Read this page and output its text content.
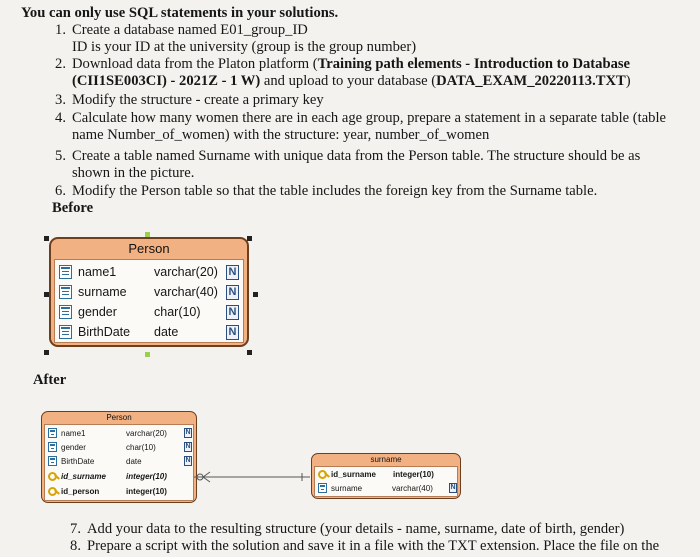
You can only use SQL statements in your solutions.
1. Create a database named E01_group_ID
ID is your ID at the university (group is the group number)
2. Download data from the Platon platform (Training path elements - Introduction to Database
(CII1SE003CI) - 2021Z - 1 W) and upload to your database (DATA_EXAM_20220113.TXT)
3. Modify the structure - create a primary key
4. Calculate how many women there are in each age group, prepare a statement in a separate table (table
name Number_of_women) with the structure: year, number_of_women
5. Create a table named Surname with unique data from the Person table. The structure should be as
shown in the picture.
6. Modify the Person table so that the table includes the foreign key from the Surname table.
Before
Person
name1	varchar(20) N
surname	varchar(40) N
gender	char(10)	N
BirthDate	date	N
After
Person
name1	varchar(20)	N
gender	char(10)	N
BirthDate	date	N
id_surname	integer(10)
id_person	integer(10)
surname
id_surname	integer(10)
surname	varchar(40)	N
7. Add your data to the resulting structure (your details - name, surname, date of birth, gender)
8. Prepare a script with the solution and save it in a file with the TXT extension. Place the file on the
